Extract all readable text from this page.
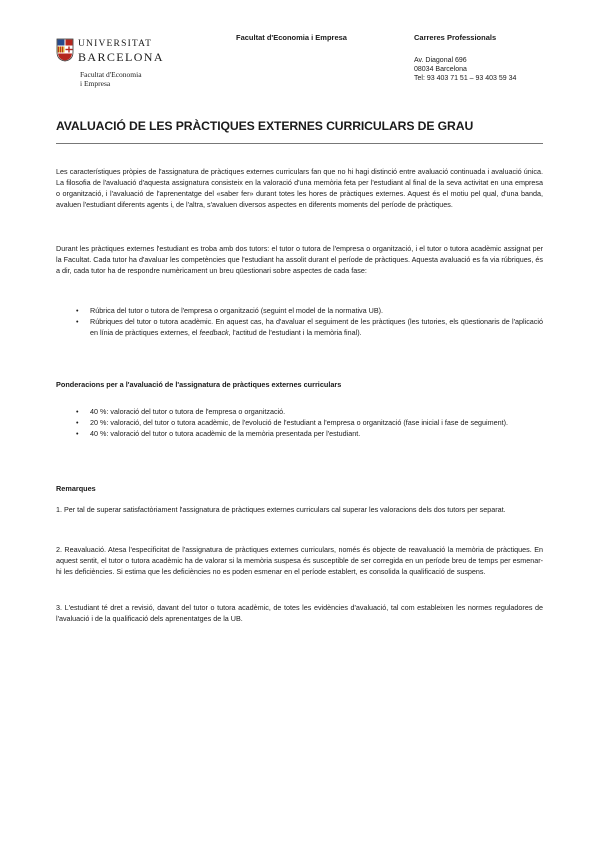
UNIVERSITAT
BARCELONA
Facultat d'Economia
i Empresa
Facultat d'Economia i Empresa	Carreres Professionals
Av. Diagonal 696
08034 Barcelona
Tel: 93 403 71 51 – 93 403 59 34
AVALUACIÓ DE LES PRÀCTIQUES EXTERNES CURRICULARS DE GRAU
Les característiques pròpies de l'assignatura de pràctiques externes curriculars fan que no hi hagi distinció entre avaluació continuada i avaluació única. La filosofia de l'avaluació d'aquesta assignatura consisteix en la valoració d'una memòria feta per l'estudiant al final de la seva activitat en una empresa o organització, i l'avaluació de l'aprenentatge del «saber fer» durant totes les hores de pràctiques externes. Aquest és el motiu pel qual, d'una banda, avaluen l'estudiant diferents agents i, de l'altra, s'avaluen diversos aspectes en diferents moments del període de pràctiques.
Durant les pràctiques externes l'estudiant es troba amb dos tutors: el tutor o tutora de l'empresa o organització, i el tutor o tutora acadèmic assignat per la Facultat. Cada tutor ha d'avaluar les competències que l'estudiant ha assolit durant el període de pràctiques. Aquesta avaluació es fa via rúbriques, és a dir, cada tutor ha de respondre numèricament un breu qüestionari sobre aspectes de cada fase:
• Rúbrica del tutor o tutora de l'empresa o organització (seguint el model de la normativa UB).
• Rúbriques del tutor o tutora acadèmic. En aquest cas, ha d'avaluar el seguiment de les pràctiques (les tutories, els qüestionaris de l'aplicació en línia de pràctiques externes, el feedback, l'actitud de l'estudiant i la memòria final).
Ponderacions per a l'avaluació de l'assignatura de pràctiques externes curriculars
• 40 %: valoració del tutor o tutora de l'empresa o organització.
• 20 %: valoració, del tutor o tutora acadèmic, de l'evolució de l'estudiant a l'empresa o organització (fase inicial i fase de seguiment).
• 40 %: valoració del tutor o tutora acadèmic de la memòria presentada per l'estudiant.
Remarques
1. Per tal de superar satisfactòriament l'assignatura de pràctiques externes curriculars cal superar les valoracions dels dos tutors per separat.
2. Reavaluació. Atesa l'especificitat de l'assignatura de pràctiques externes curriculars, només és objecte de reavaluació la memòria de pràctiques. En aquest sentit, el tutor o tutora acadèmic ha de valorar si la memòria suspesa és susceptible de ser corregida en un període breu de temps per esmenar-hi les deficiències. Si estima que les deficiències no es poden esmenar en el període establert, es consolida la qualificació de suspens.
3. L'estudiant té dret a revisió, davant del tutor o tutora acadèmic, de totes les evidències d'avaluació, tal com estableixen les normes reguladores de l'avaluació i de la qualificació dels aprenentatges de la UB.
